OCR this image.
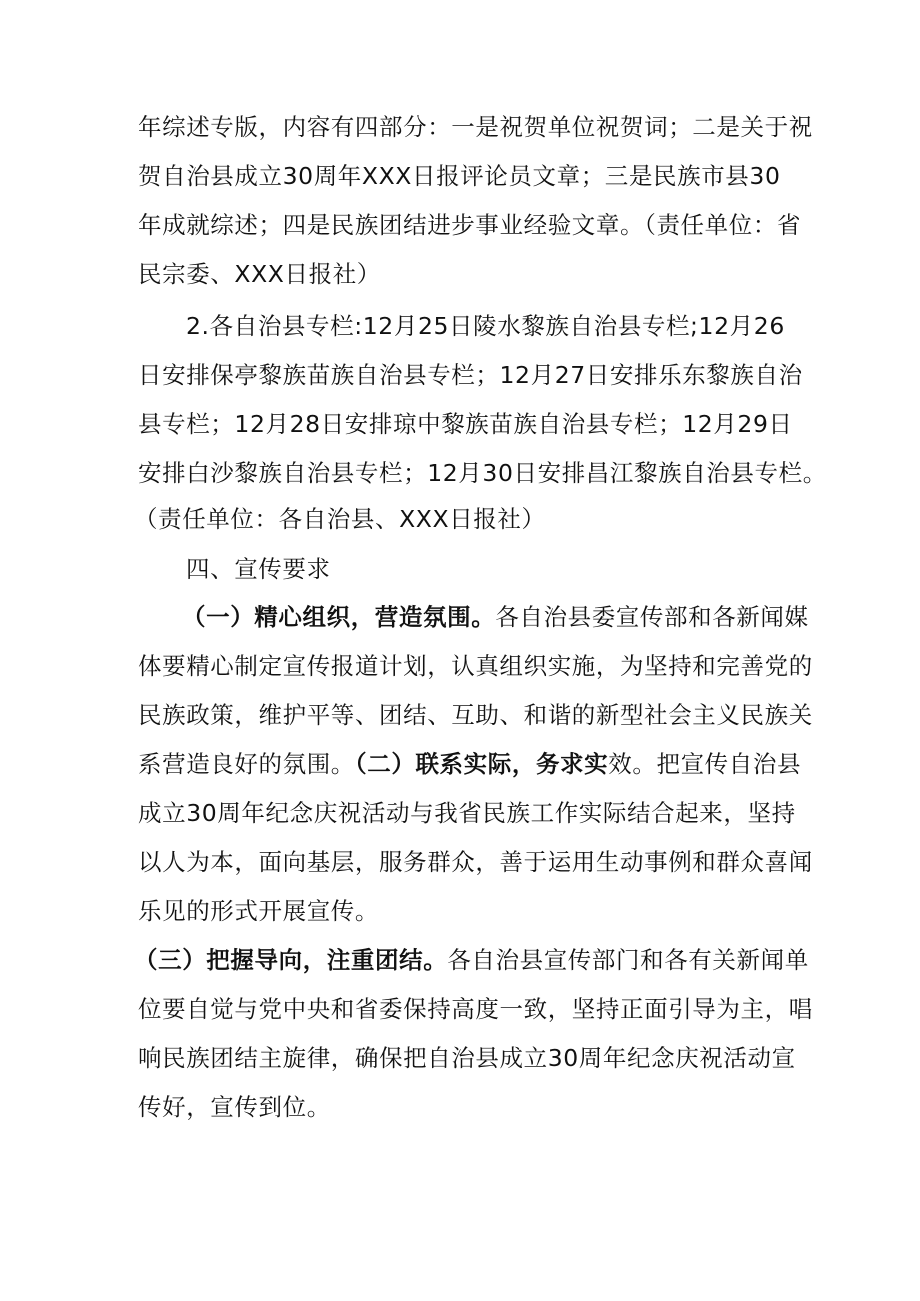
年综述专版，内容有四部分：一是祝贺单位祝贺词；二是关于祝
贺自治县成立30周年XXX日报评论员文章；三是民族市县30
年成就综述；四是民族团结进步事业经验文章。（责任单位：省
民宗委、XXX日报社）
2.各自治县专栏:12月25日陵水黎族自治县专栏;12月26
日安排保亭黎族苗族自治县专栏；12月27日安排乐东黎族自治
县专栏；12月28日安排琼中黎族苗族自治县专栏；12月29日
安排白沙黎族自治县专栏；12月30日安排昌江黎族自治县专栏。
（责任单位：各自治县、XXX日报社）
四、宣传要求
（一）精心组织，营造氛围。各自治县委宣传部和各新闻媒
体要精心制定宣传报道计划，认真组织实施，为坚持和完善党的
民族政策，维护平等、团结、互助、和谐的新型社会主义民族关
系营造良好的氛围。（二）联系实际，务求实效。把宣传自治县
成立30周年纪念庆祝活动与我省民族工作实际结合起来，坚持
以人为本，面向基层，服务群众，善于运用生动事例和群众喜闻
乐见的形式开展宣传。
（三）把握导向，注重团结。各自治县宣传部门和各有关新闻单
位要自觉与党中央和省委保持高度一致，坚持正面引导为主，唱
响民族团结主旋律，确保把自治县成立30周年纪念庆祝活动宣
传好，宣传到位。
